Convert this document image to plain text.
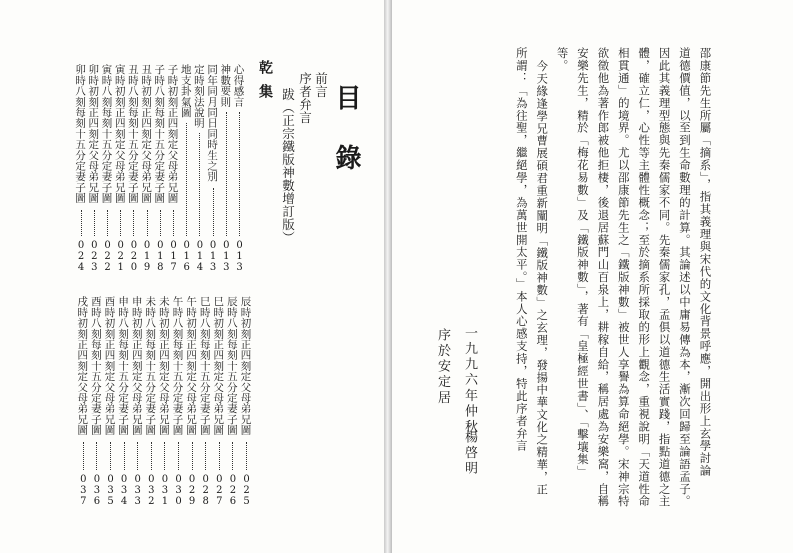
目錄
前言
序者弁言
跋（正宗鐵版神數增訂版）
乾集
心得感言
013
神數要則
013
同年同月同日同時生之別
013
定時刻法說明
014
地支卦氣圖
016
子時初刻正四刻定父母弟兄圖
017
子時八刻每刻十五分定妻子圖
018
丑時初刻正四刻定父母弟兄圖
019
丑時八刻每刻十五分定妻子圖
020
寅時初刻正四刻定父母弟兄圖
021
寅時八刻每刻十五分定妻子圖
022
卯時初刻正四刻定父母弟兄圖
023
卯時八刻每刻十五分定妻子圖
024
辰時初刻正四刻定父母弟兄圖
025
辰時八刻每刻十五分定妻子圖
026
巳時初刻正四刻定父母弟兄圖
027
巳時八刻每刻十五分定妻子圖
028
午時初刻正四刻定父母弟兄圖
029
午時八刻每刻十五分定妻子圖
030
未時初刻正四刻定父母弟兄圖
031
未時八刻每刻十五分定妻子圖
032
申時初刻正四刻定父母弟兄圖
033
申時八刻每刻十五分定妻子圖
034
酉時初刻正四刻定父母弟兄圖
035
酉時八刻每刻十五分定妻子圖
036
戌時初刻正四刻定父母弟兄圖
037
邵康節先生所屬「摘系」，指其義理與宋代的文化背景呼應，開出形上玄學討論
道德價值，以至到生命數理的計算。其論述以中庸易傳為本，漸次回歸至論語孟子。
因此其義理型態與先秦儒家不同。先秦儒家孔，孟俱以道德生活實踐，指點道德之主
體，確立仁，心性等主體性概念；至於摘系所採取的形上觀念，重視說明「天道性命
相貫通」的境界。尤以邵康節先生之「鐵版神數」被世人享譽為算命絕學。宋神宗特
欲徵他為著作郎被他拒棲，後退居蘇門山百泉上，耕稼自給，稱居處為安樂窩，自稱
安樂先生，精於「梅花易數」及「鐵版神數」，著有「皇極經世書」、「擊壤集」
等。
今天緣逢學兄曹展碩君重新闡明「鐵版神數」之玄理，發揚中華文化之精華，正
所謂：「為往聖，繼絕學，為萬世開太平。」本人心感支持，特此序者弁言
一九九六年仲秋
楊啓明
序於安定居
